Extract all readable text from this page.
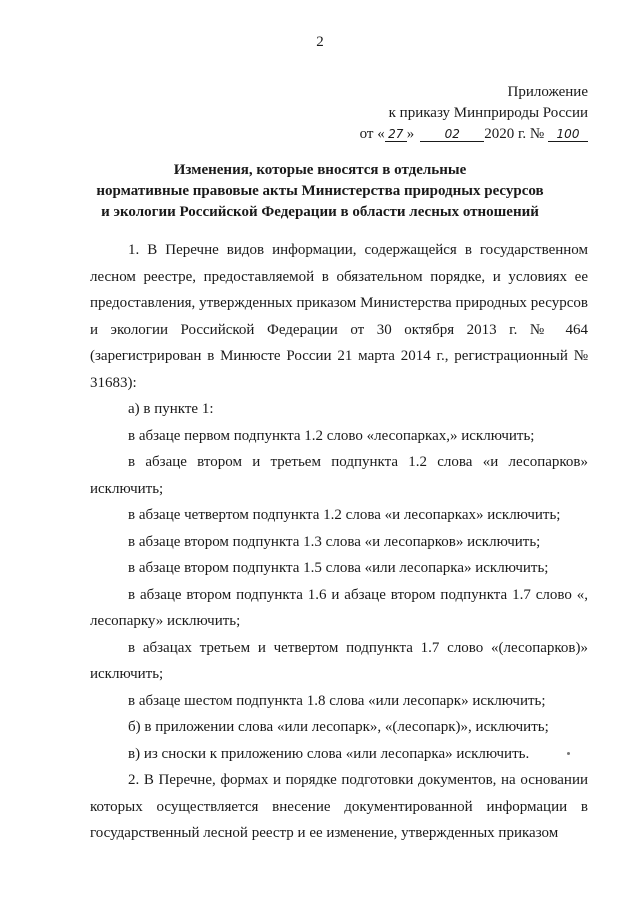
2
Приложение
к приказу Минприроды России
от « 27 »	02 2020 г. № 100
Изменения, которые вносятся в отдельные
нормативные правовые акты Министерства природных ресурсов
и экологии Российской Федерации в области лесных отношений

1. В Перечне видов информации, содержащейся в государственном лесном реестре, предоставляемой в обязательном порядке, и условиях ее предоставления, утвержденных приказом Министерства природных ресурсов и экологии Российской Федерации от 30 октября 2013 г. № 464 (зарегистрирован в Минюсте России 21 марта 2014 г., регистрационный № 31683):

а) в пункте 1:

в абзаце первом подпункта 1.2 слово «лесопарках,» исключить;

в абзаце втором и третьем подпункта 1.2 слова «и лесопарков» исключить;

в абзаце четвертом подпункта 1.2 слова «и лесопарках» исключить;

в абзаце втором подпункта 1.3 слова «и лесопарков» исключить;

в абзаце втором подпункта 1.5 слова «или лесопарка» исключить;

в абзаце втором подпункта 1.6 и абзаце втором подпункта 1.7 слово «, лесопарку» исключить;

в абзацах третьем и четвертом подпункта 1.7 слово «(лесопарков)» исключить;

в абзаце шестом подпункта 1.8 слова «или лесопарк» исключить;

б) в приложении слова «или лесопарк», «(лесопарк)», исключить;

в) из сноски к приложению слова «или лесопарка» исключить.

2. В Перечне, формах и порядке подготовки документов, на основании которых осуществляется внесение документированной информации в государственный лесной реестр и ее изменение, утвержденных приказом
